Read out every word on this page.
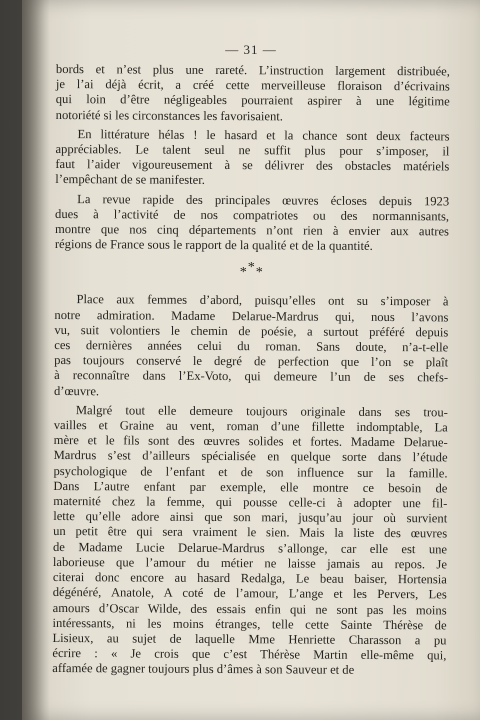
— 31 —
bords et n’est plus une rareté. L’instruction largement distribuée,
je l’ai déjà écrit, a créé cette merveilleuse floraison d’écrivains
qui loin d’être négligeables pourraient aspirer à une légitime
notoriété si les circonstances les favorisaient.
En littérature hélas ! le hasard et la chance sont deux facteurs
appréciables. Le talent seul ne suffit plus pour s’imposer, il
faut l’aider vigoureusement à se délivrer des obstacles matériels
l’empêchant de se manifester.
La revue rapide des principales œuvres écloses depuis 1923
dues à l’activité de nos compatriotes ou des normannisants,
montre que nos cinq départements n’ont rien à envier aux autres
régions de France sous le rapport de la qualité et de la quantité.
***
Place aux femmes d’abord, puisqu’elles ont su s’imposer à
notre admiration. Madame Delarue-Mardrus qui, nous l’avons
vu, suit volontiers le chemin de poésie, a surtout préféré depuis
ces dernières années celui du roman. Sans doute, n’a-t-elle
pas toujours conservé le degré de perfection que l’on se plaît
à reconnaître dans l’Ex-Voto, qui demeure l’un de ses chefs-
d’œuvre.
Malgré tout elle demeure toujours originale dans ses trou-
vailles et Graine au vent, roman d’une fillette indomptable, La
mère et le fils sont des œuvres solides et fortes. Madame Delarue-
Mardrus s’est d’ailleurs spécialisée en quelque sorte dans l’étude
psychologique de l’enfant et de son influence sur la famille.
Dans L’autre enfant par exemple, elle montre ce besoin de
maternité chez la femme, qui pousse celle-ci à adopter une fil-
lette qu’elle adore ainsi que son mari, jusqu’au jour où survient
un petit être qui sera vraiment le sien. Mais la liste des œuvres
de Madame Lucie Delarue-Mardrus s’allonge, car elle est une
laborieuse que l’amour du métier ne laisse jamais au repos. Je
citerai donc encore au hasard Redalga, Le beau baiser, Hortensia
dégénéré, Anatole, A coté de l’amour, L’ange et les Pervers, Les
amours d’Oscar Wilde, des essais enfin qui ne sont pas les moins
intéressants, ni les moins étranges, telle cette Sainte Thérèse de
Lisieux, au sujet de laquelle Mme Henriette Charasson a pu
écrire : « Je crois que c’est Thérèse Martin elle-même qui,
affamée de gagner toujours plus d’âmes à son Sauveur et de
